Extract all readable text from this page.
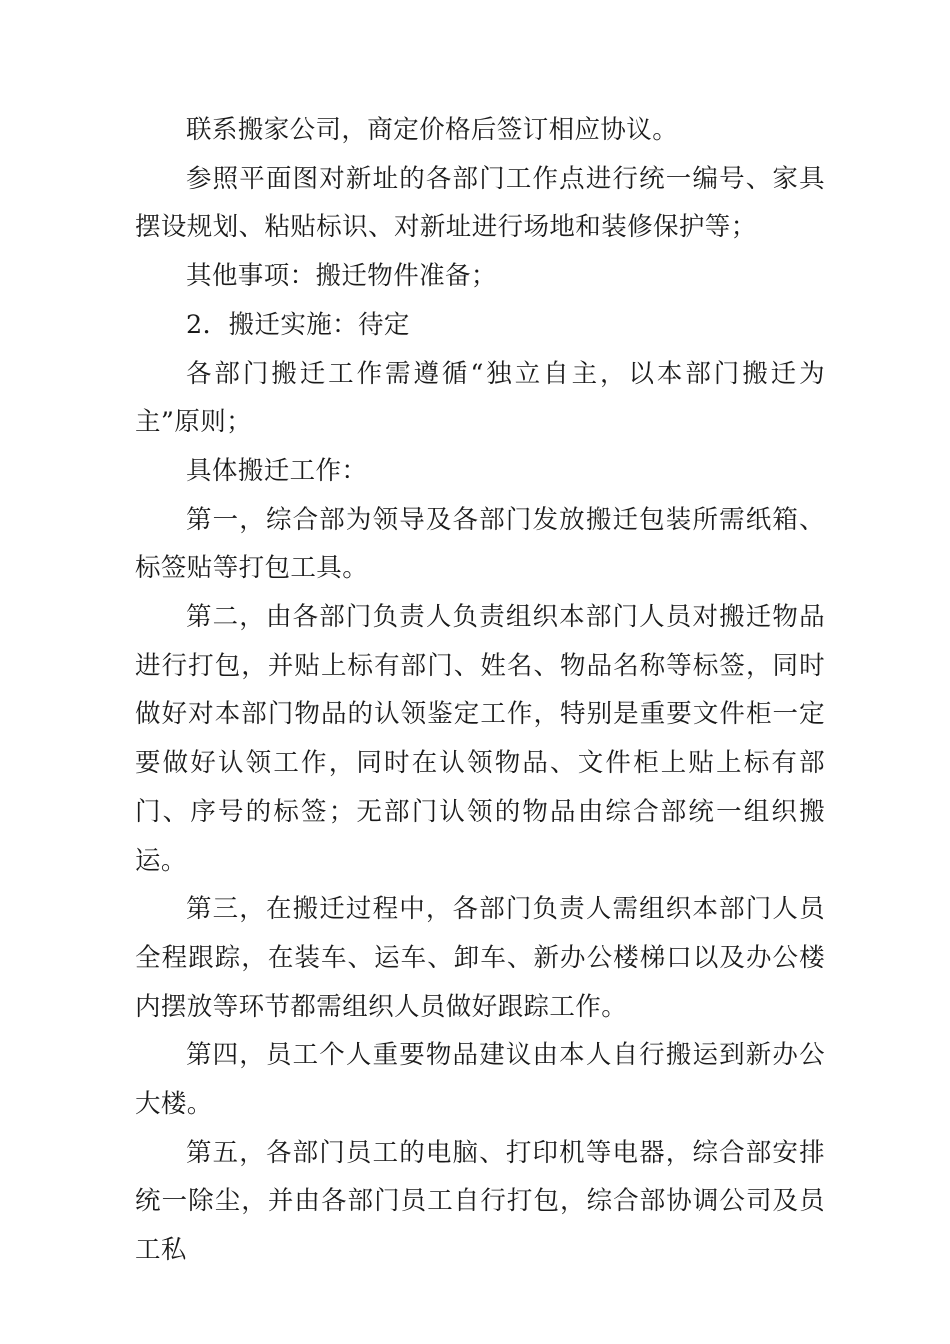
联系搬家公司，商定价格后签订相应协议。

参照平面图对新址的各部门工作点进行统一编号、家具摆设规划、粘贴标识、对新址进行场地和装修保护等；

其他事项：搬迁物件准备；

2．搬迁实施：待定

各部门搬迁工作需遵循“独立自主，以本部门搬迁为主”原则；

具体搬迁工作：

第一，综合部为领导及各部门发放搬迁包装所需纸箱、标签贴等打包工具。

第二，由各部门负责人负责组织本部门人员对搬迁物品进行打包，并贴上标有部门、姓名、物品名称等标签，同时做好对本部门物品的认领鉴定工作，特别是重要文件柜一定要做好认领工作，同时在认领物品、文件柜上贴上标有部门、序号的标签；无部门认领的物品由综合部统一组织搬运。

第三，在搬迁过程中，各部门负责人需组织本部门人员全程跟踪，在装车、运车、卸车、新办公楼梯口以及办公楼内摆放等环节都需组织人员做好跟踪工作。

第四，员工个人重要物品建议由本人自行搬运到新办公大楼。

第五，各部门员工的电脑、打印机等电器，综合部安排统一除尘，并由各部门员工自行打包，综合部协调公司及员工私
